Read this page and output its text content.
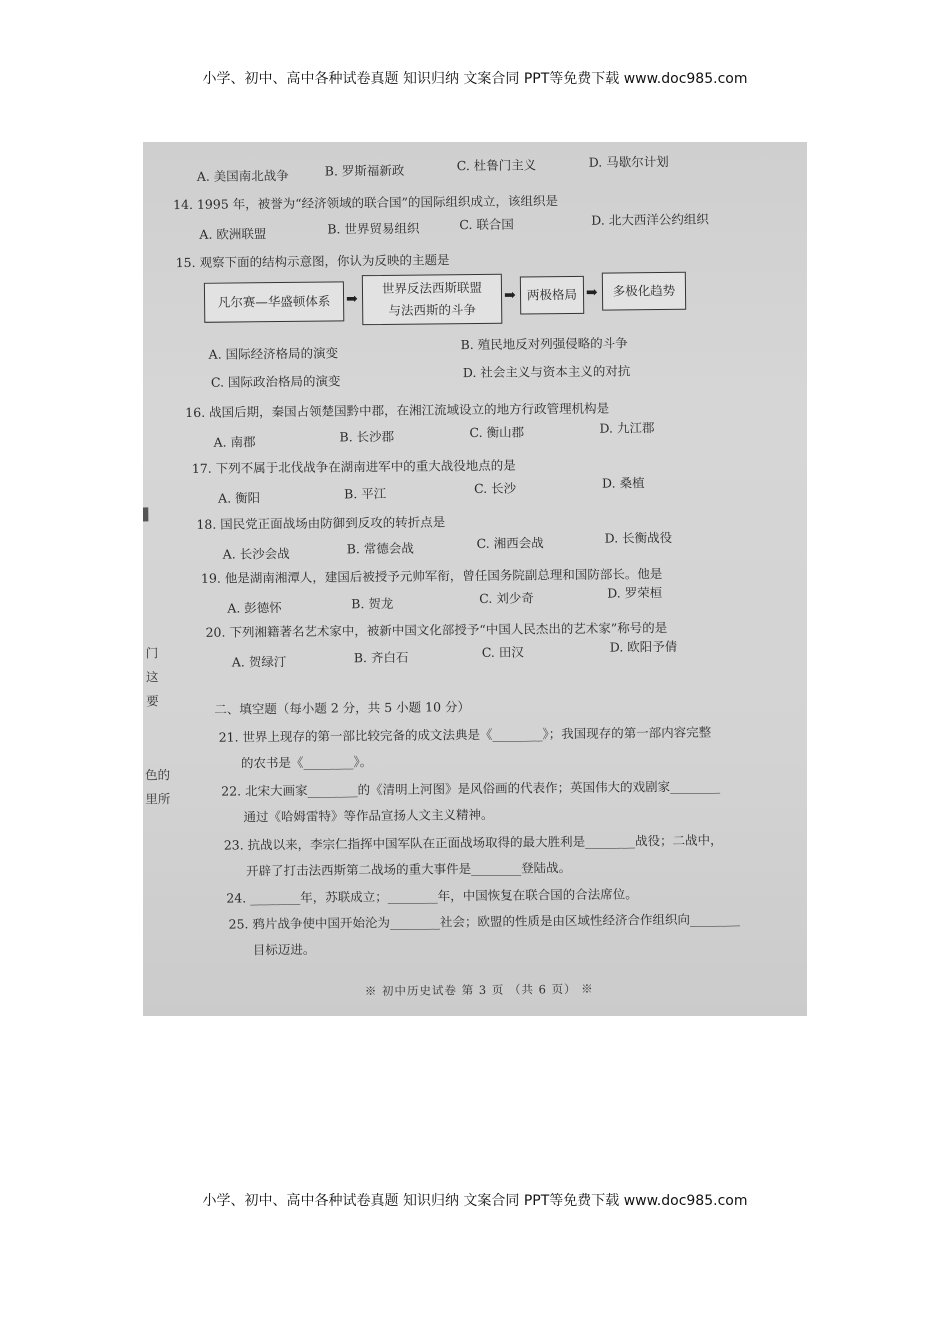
小学、初中、高中各种试卷真题 知识归纳 文案合同 PPT等免费下载 www.doc985.com
A. 美国南北战争	B. 罗斯福新政	C. 杜鲁门主义	D. 马歇尔计划
14. 1995 年，被誉为“经济领域的联合国”的国际组织成立，该组织是
A. 欧洲联盟	B. 世界贸易组织	C. 联合国	D. 北大西洋公约组织
15. 观察下面的结构示意图，你认为反映的主题是
凡尔赛—华盛顿体系	➡
世界反法西斯联盟
与法西斯的斗争
➡ 两极格局 ➡	多极化趋势
A. 国际经济格局的演变
B. 殖民地反对列强侵略的斗争
C. 国际政治格局的演变
D. 社会主义与资本主义的对抗
16. 战国后期，秦国占领楚国黔中郡，在湘江流域设立的地方行政管理机构是
A. 南郡	B. 长沙郡	C. 衡山郡	D. 九江郡
17. 下列不属于北伐战争在湖南进军中的重大战役地点的是
A. 衡阳	B. 平江	C. 长沙	D. 桑植
18. 国民党正面战场由防御到反攻的转折点是
A. 长沙会战	B. 常德会战	C. 湘西会战	D. 长衡战役
19. 他是湖南湘潭人，建国后被授予元帅军衔，曾任国务院副总理和国防部长。他是
A. 彭德怀	B. 贺龙	C. 刘少奇	D. 罗荣桓
20. 下列湘籍著名艺术家中，被新中国文化部授予“中国人民杰出的艺术家”称号的是
A. 贺绿汀	B. 齐白石	C. 田汉	D. 欧阳予倩
门
这
要
色的
里所
二、填空题（每小题 2 分，共 5 小题 10 分）
21. 世界上现存的第一部比较完备的成文法典是《________》；我国现存的第一部内容完整
的农书是《________》。
22. 北宋大画家________的《清明上河图》是风俗画的代表作；英国伟大的戏剧家________
通过《哈姆雷特》等作品宣扬人文主义精神。
23. 抗战以来，李宗仁指挥中国军队在正面战场取得的最大胜利是________战役；二战中，
开辟了打击法西斯第二战场的重大事件是________登陆战。
24. ________年，苏联成立；________年，中国恢复在联合国的合法席位。
25. 鸦片战争使中国开始沦为________社会；欧盟的性质是由区域性经济合作组织向________
目标迈进。
※ 初中历史试卷 第 3 页 （共 6 页） ※
小学、初中、高中各种试卷真题 知识归纳 文案合同 PPT等免费下载 www.doc985.com
